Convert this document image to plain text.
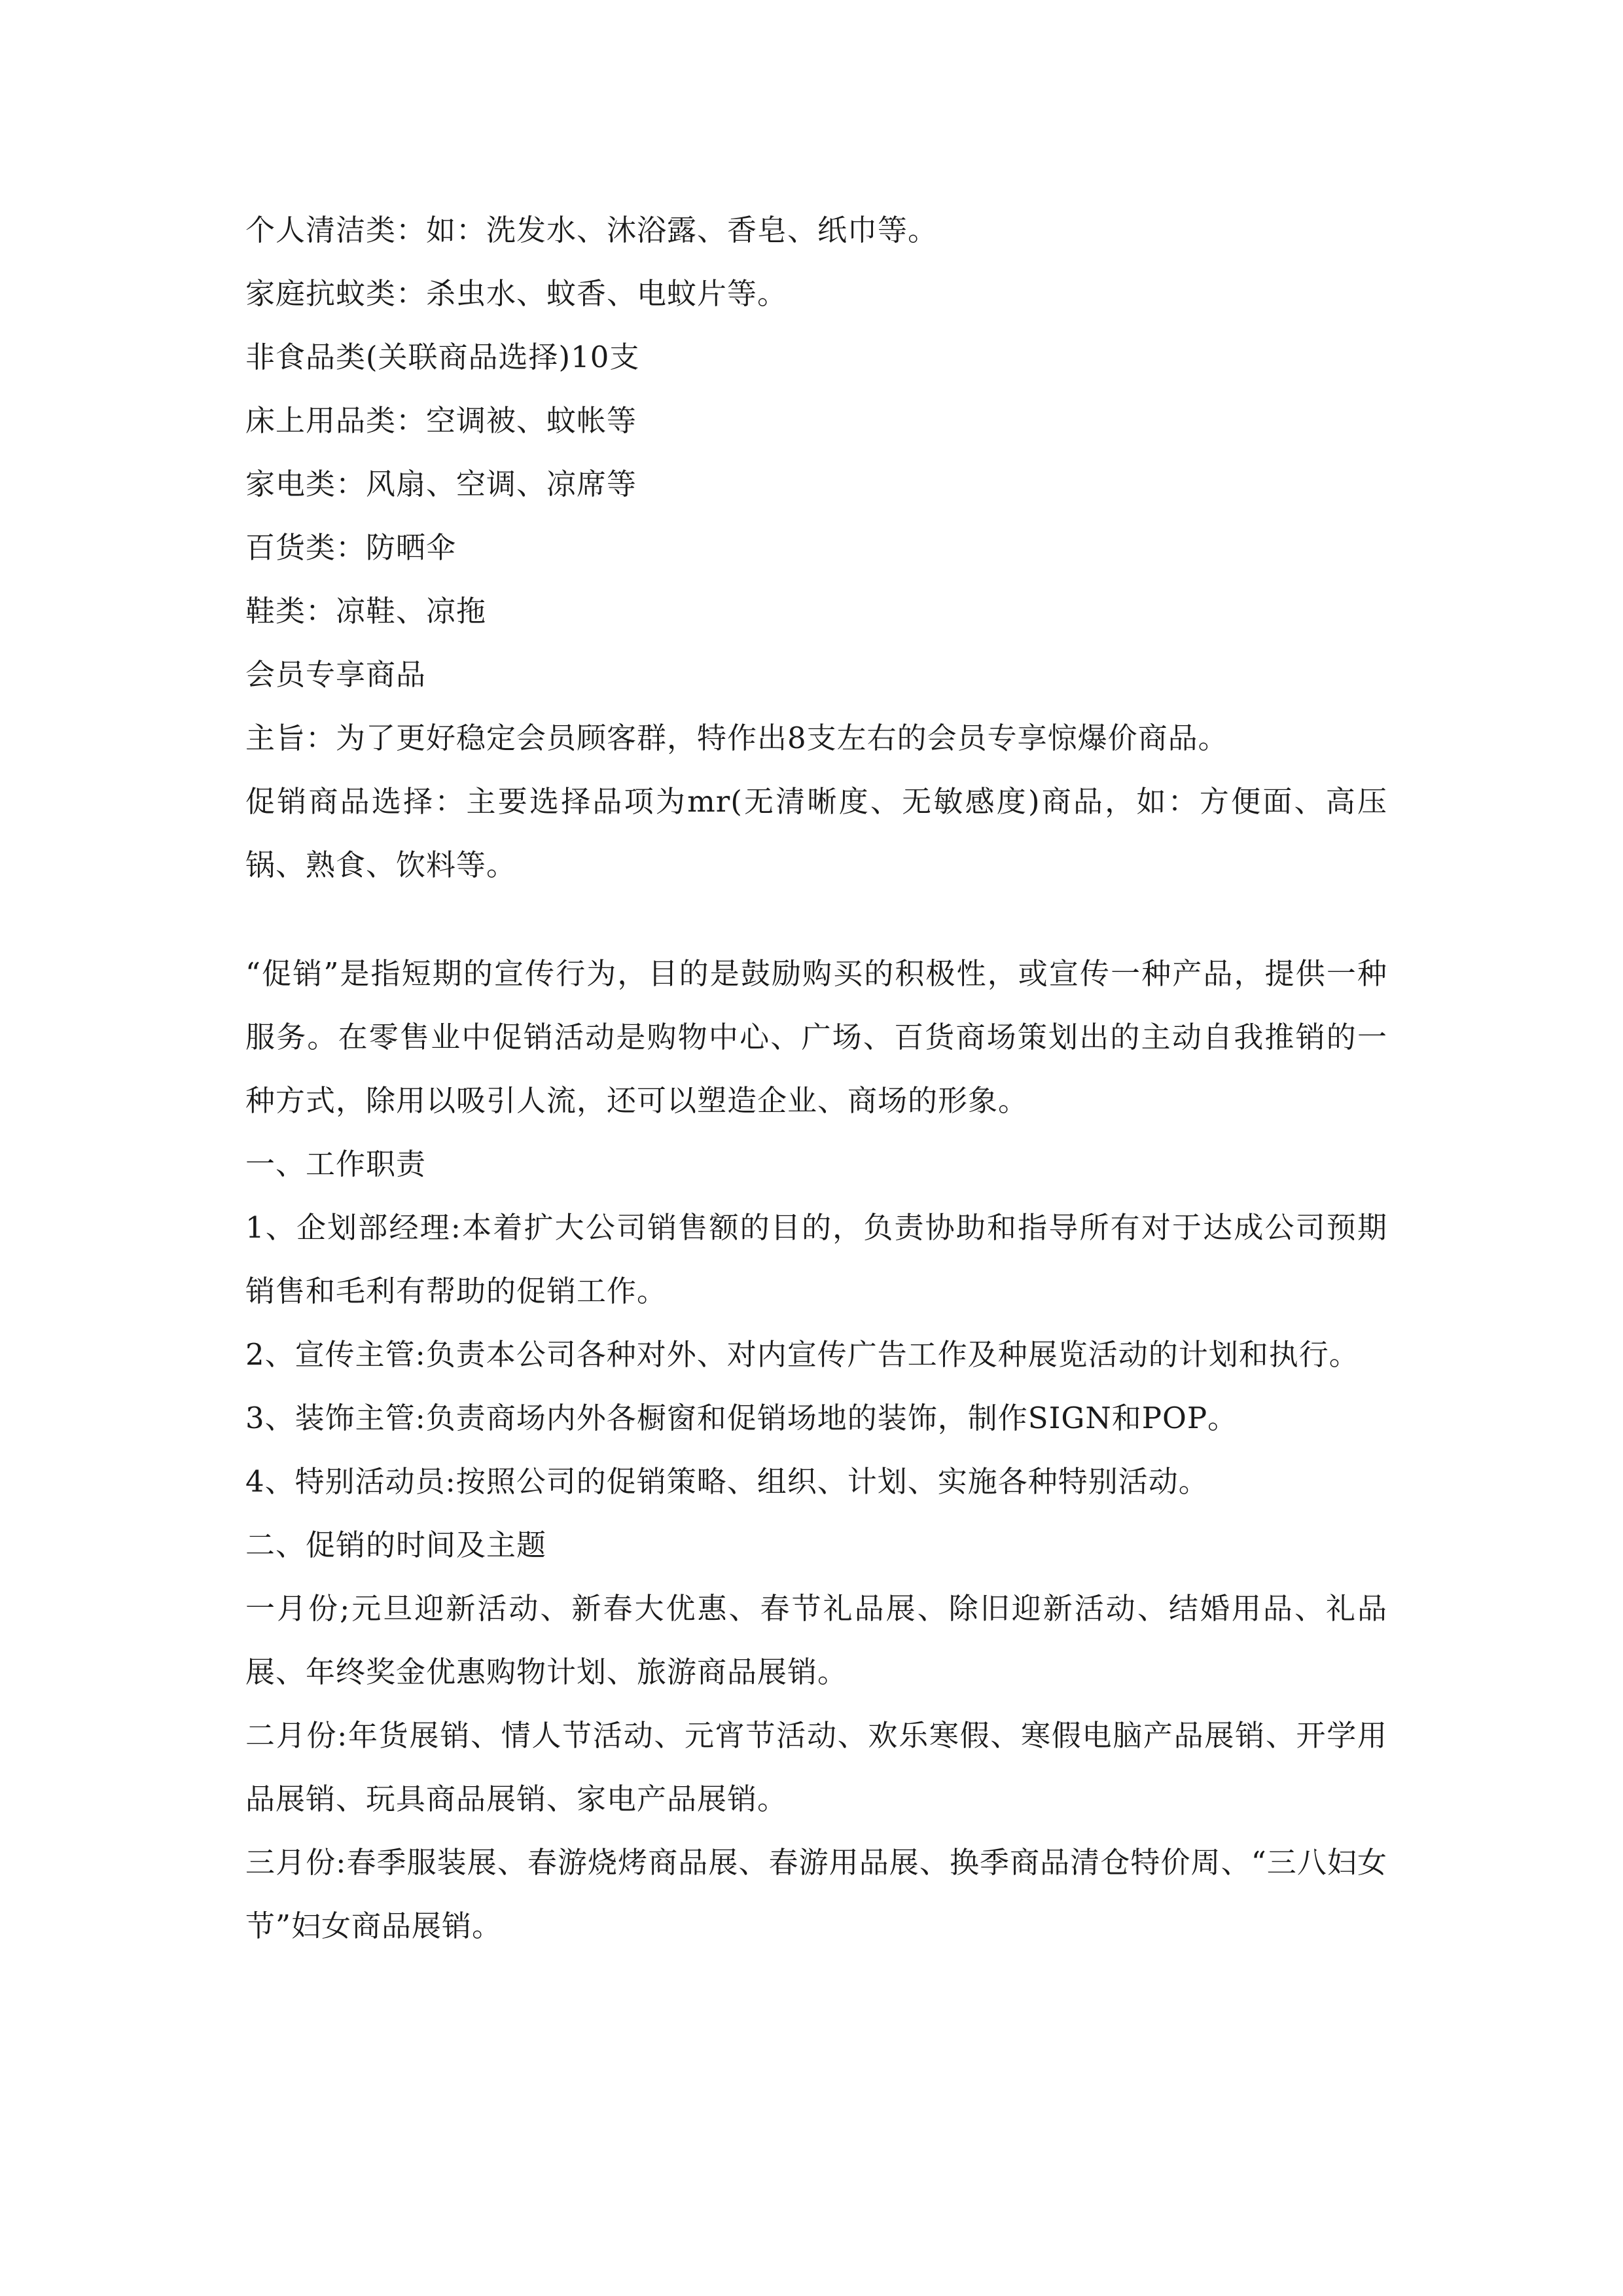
个人清洁类：如：洗发水、沐浴露、香皂、纸巾等。

家庭抗蚊类：杀虫水、蚊香、电蚊片等。

非食品类(关联商品选择)10支

床上用品类：空调被、蚊帐等

家电类：风扇、空调、凉席等

百货类：防晒伞

鞋类：凉鞋、凉拖

会员专享商品

主旨：为了更好稳定会员顾客群，特作出8支左右的会员专享惊爆价商品。

促销商品选择：主要选择品项为mr(无清晰度、无敏感度)商品，如：方便面、高压锅、熟食、饮料等。

“促销”是指短期的宣传行为，目的是鼓励购买的积极性，或宣传一种产品，提供一种服务。在零售业中促销活动是购物中心、广场、百货商场策划出的主动自我推销的一种方式，除用以吸引人流，还可以塑造企业、商场的形象。

一、工作职责

1、企划部经理:本着扩大公司销售额的目的，负责协助和指导所有对于达成公司预期销售和毛利有帮助的促销工作。

2、宣传主管:负责本公司各种对外、对内宣传广告工作及种展览活动的计划和执行。

3、装饰主管:负责商场内外各橱窗和促销场地的装饰，制作SIGN和POP。

4、特别活动员:按照公司的促销策略、组织、计划、实施各种特别活动。

二、促销的时间及主题

一月份;元旦迎新活动、新春大优惠、春节礼品展、除旧迎新活动、结婚用品、礼品展、年终奖金优惠购物计划、旅游商品展销。

二月份:年货展销、情人节活动、元宵节活动、欢乐寒假、寒假电脑产品展销、开学用品展销、玩具商品展销、家电产品展销。

三月份:春季服装展、春游烧烤商品展、春游用品展、换季商品清仓特价周、“三八妇女节”妇女商品展销。
